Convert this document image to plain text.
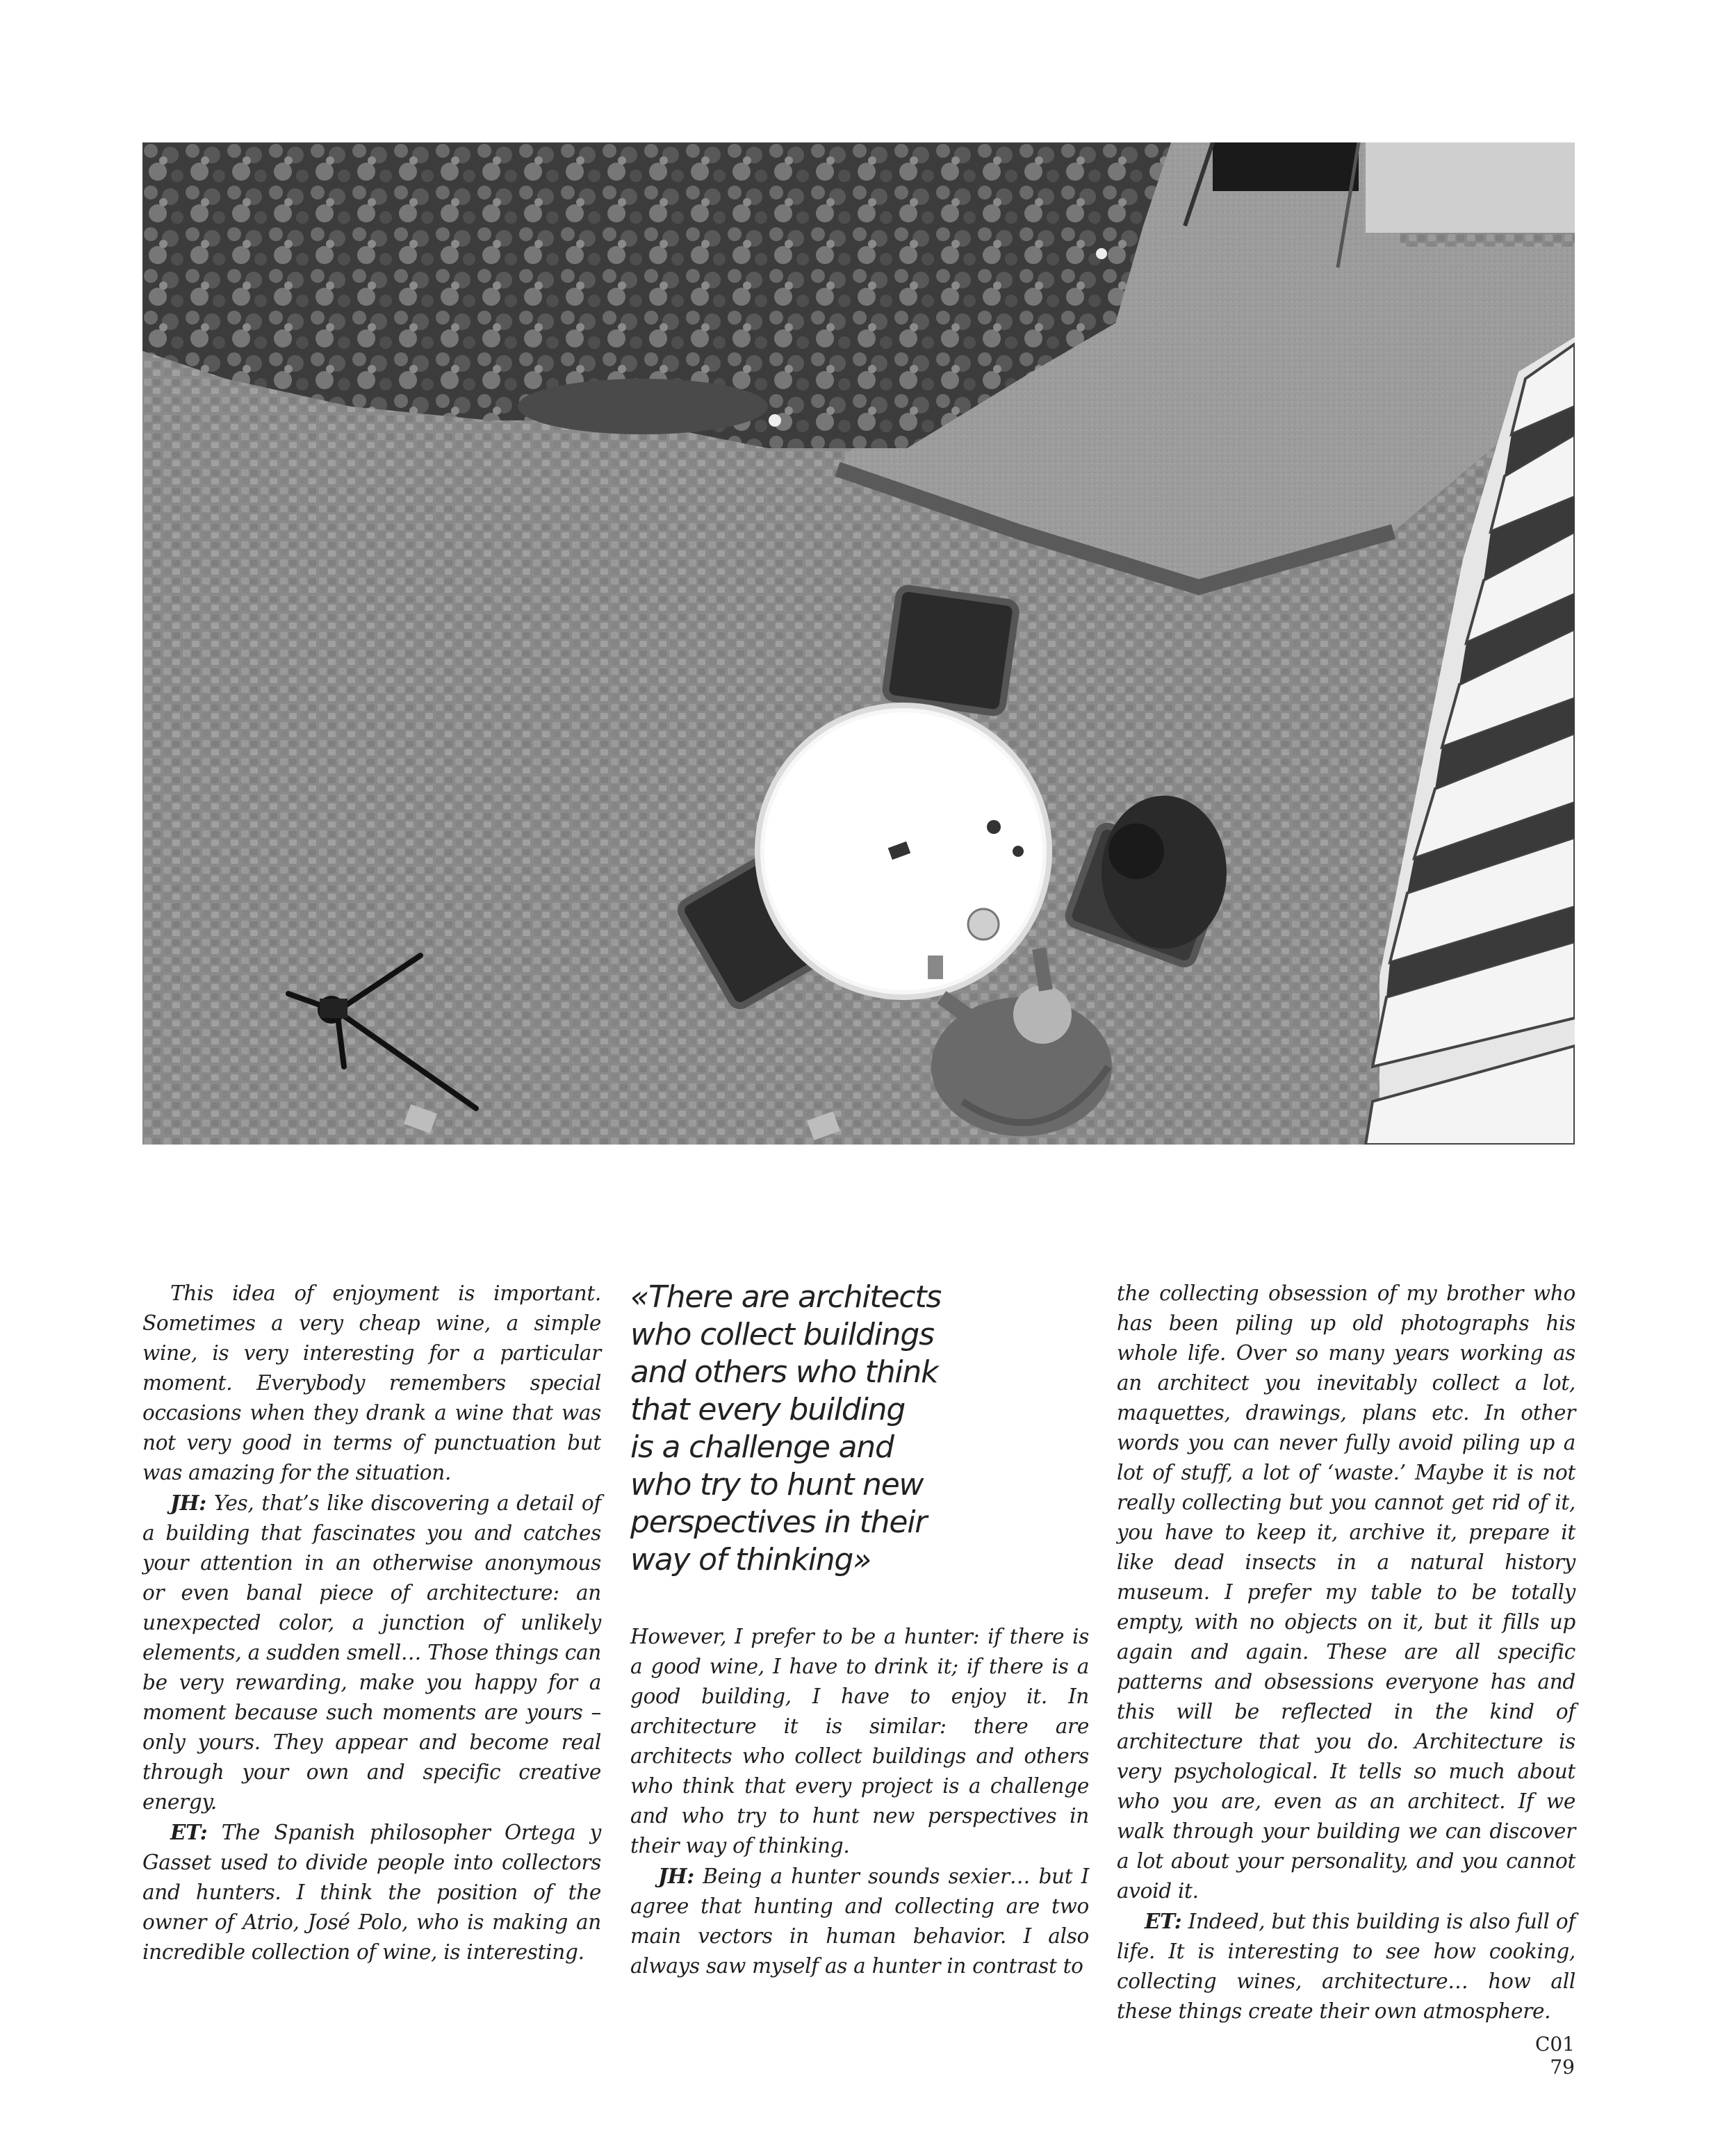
This idea of enjoyment is important. Sometimes a very cheap wine, a simple wine, is very interesting for a particular moment. Everybody remembers special occasions when they drank a wine that was not very good in terms of punctuation but was amazing for the situation.

JH: Yes, that’s like discovering a detail of a building that fascinates you and catches your attention in an otherwise anonymous or even banal piece of architecture: an unexpected color, a junction of unlikely elements, a sudden smell… Those things can be very rewarding, make you happy for a moment because such moments are yours – only yours. They appear and become real through your own and specific creative energy.

ET: The Spanish philosopher Ortega y Gasset used to divide people into collectors and hunters. I think the position of the owner of Atrio, José Polo, who is making an incredible collection of wine, is interesting.

«There are architects
who collect buildings
and others who think
that every building
is a challenge and
who try to hunt new
perspectives in their
way of thinking»

However, I prefer to be a hunter: if there is a good wine, I have to drink it; if there is a good building, I have to enjoy it. In architecture it is similar: there are architects who collect buildings and others who think that every project is a challenge and who try to hunt new perspectives in their way of thinking.

JH: Being a hunter sounds sexier… but I agree that hunting and collecting are two main vectors in human behavior. I also always saw myself as a hunter in contrast to

the collecting obsession of my brother who has been piling up old photographs his whole life. Over so many years working as an architect you inevitably collect a lot, maquettes, drawings, plans etc. In other words you can never fully avoid piling up a lot of stuff, a lot of ‘waste.’ Maybe it is not really collecting but you cannot get rid of it, you have to keep it, archive it, prepare it like dead insects in a natural history museum. I prefer my table to be totally empty, with no objects on it, but it fills up again and again. These are all specific patterns and obsessions everyone has and this will be reflected in the kind of architecture that you do. Architecture is very psychological. It tells so much about who you are, even as an architect. If we walk through your building we can discover a lot about your personality, and you cannot avoid it.

ET: Indeed, but this building is also full of life. It is interesting to see how cooking, collecting wines, architecture… how all these things create their own atmosphere.

C01 79
